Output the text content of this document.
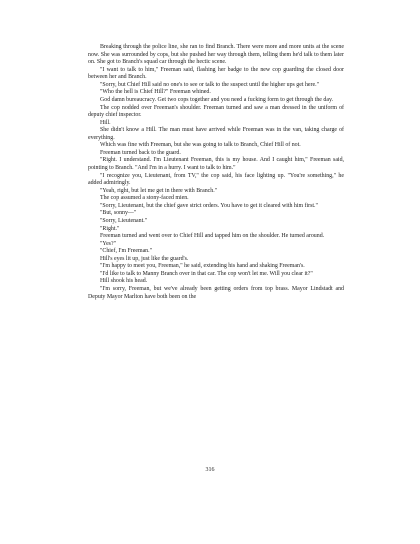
Breaking through the police line, she ran to find Branch. There were more and more units at the scene now. She was surrounded by cops, but she pushed her way through them, telling them he'd talk to them later on. She got to Branch's squad car through the hectic scene.

"I want to talk to him," Freeman said, flashing her badge to the new cop guarding the closed door between her and Branch.

"Sorry, but Chief Hill said no one's to see or talk to the suspect until the higher ups get here."

"Who the hell is Chief Hill?" Freeman whined.

God damn bureaucracy. Get two cops together and you need a fucking form to get through the day.

The cop nodded over Freeman's shoulder. Freeman turned and saw a man dressed in the uniform of deputy chief inspector.

Hill.

She didn't know a Hill. The man must have arrived while Freeman was in the van, taking charge of everything.

Which was fine with Freeman, but she was going to talk to Branch, Chief Hill of not.

Freeman turned back to the guard.

"Right. I understand. I'm Lieutenant Freeman, this is my house. And I caught him," Freeman said, pointing to Branch. "And I'm in a hurry. I want to talk to him."

"I recognize you, Lieutenant, from TV," the cop said, his face lighting up. "You're something," he added admiringly.

"Yeah, right, but let me get in there with Branch."

The cop assumed a stony-faced mien.

"Sorry, Lieutenant, but the chief gave strict orders. You have to get it cleared with him first."

"But, sonny—"

"Sorry, Lieutenant."

"Right."

Freeman turned and went over to Chief Hill and tapped him on the shoulder. He turned around.

"Yes?"

"Chief, I'm Freeman."

Hill's eyes lit up, just like the guard's.

"I'm happy to meet you, Freeman," he said, extending his hand and shaking Freeman's.

"I'd like to talk to Manny Branch over in that car. The cop won't let me. Will you clear it?"

Hill shook his head.

"I'm sorry, Freeman, but we've already been getting orders from top brass. Mayor Lindstadt and Deputy Mayor Marlton have both been on the

316
